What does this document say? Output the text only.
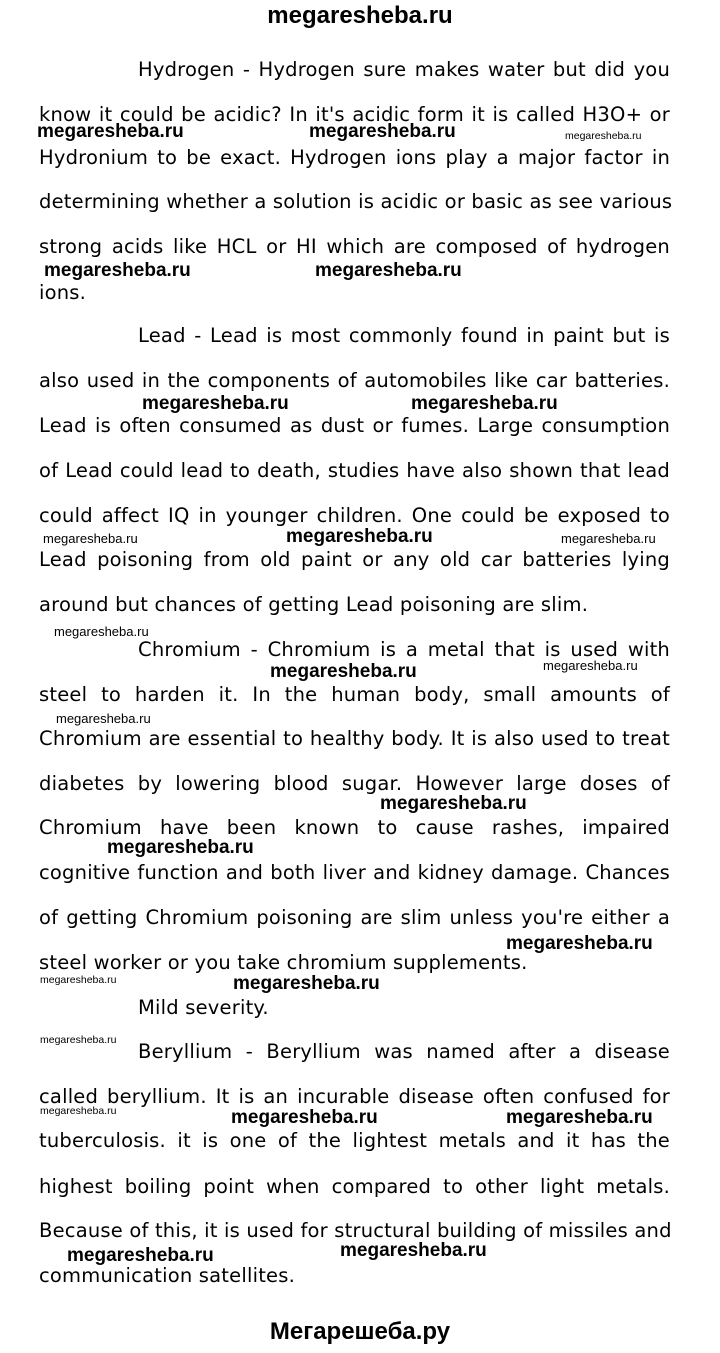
megaresheba.ru
Hydrogen - Hydrogen sure makes water but did you
know it could be acidic? In it's acidic form it is called H3O+ or
Hydronium to be exact. Hydrogen ions play a major factor in
determining whether a solution is acidic or basic as see various
strong acids like HCL or HI which are composed of hydrogen
ions.
Lead - Lead is most commonly found in paint but is
also used in the components of automobiles like car batteries.
Lead is often consumed as dust or fumes. Large consumption
of Lead could lead to death, studies have also shown that lead
could affect IQ in younger children. One could be exposed to
Lead poisoning from old paint or any old car batteries lying
around but chances of getting Lead poisoning are slim.
Chromium - Chromium is a metal that is used with
steel to harden it. In the human body, small amounts of
Chromium are essential to healthy body. It is also used to treat
diabetes by lowering blood sugar. However large doses of
Chromium have been known to cause rashes, impaired
cognitive function and both liver and kidney damage. Chances
of getting Chromium poisoning are slim unless you're either a
steel worker or you take chromium supplements.
Mild severity.
Beryllium - Beryllium was named after a disease
called beryllium. It is an incurable disease often confused for
tuberculosis. it is one of the lightest metals and it has the
highest boiling point when compared to other light metals.
Because of this, it is used for structural building of missiles and
communication satellites.
megaresheba.ru	megaresheba.ru	megaresheba.ru
megaresheba.ru	megaresheba.ru
megaresheba.ru	megaresheba.ru
megaresheba.ru	megaresheba.ru	megaresheba.ru
megaresheba.ru
megaresheba.ru	megaresheba.ru
megaresheba.ru
megaresheba.ru
megaresheba.ru
megaresheba.ru
megaresheba.ru	megaresheba.ru
megaresheba.ru
megaresheba.ru	megaresheba.ru	megaresheba.ru
megaresheba.ru	megaresheba.ru
Мегарешеба.ру
